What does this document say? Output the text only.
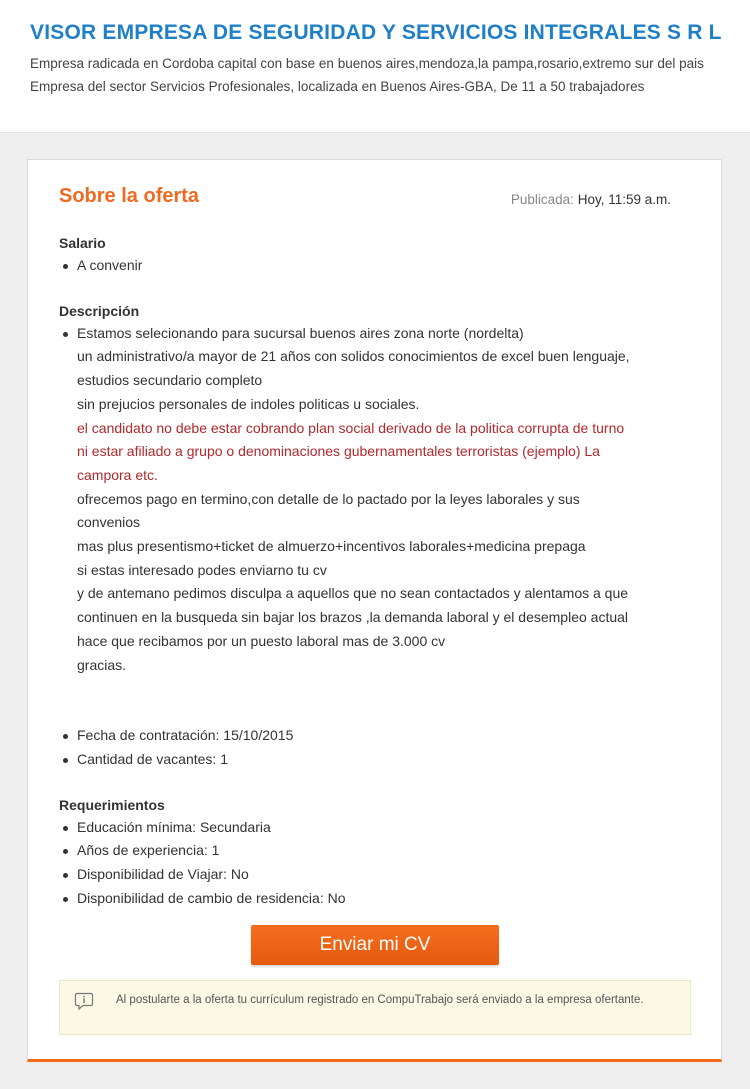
VISOR EMPRESA DE SEGURIDAD Y SERVICIOS INTEGRALES S R L

Empresa radicada en Cordoba capital con base en buenos aires,mendoza,la pampa,rosario,extremo sur del pais Empresa del sector Servicios Profesionales, localizada en Buenos Aires-GBA, De 11 a 50 trabajadores

Sobre la oferta	Publicada: Hoy, 11:59 a.m.
Salario
A convenir
Descripción
Estamos selecionando para sucursal buenos aires zona norte (nordelta)
un administrativo/a mayor de 21 años con solidos conocimientos de excel buen lenguaje,
estudios secundario completo
sin prejucios personales de indoles politicas u sociales.
el candidato no debe estar cobrando plan social derivado de la politica corrupta de turno
ni estar afiliado a grupo o denominaciones gubernamentales terroristas (ejemplo) La
campora etc.
ofrecemos pago en termino,con detalle de lo pactado por la leyes laborales y sus
convenios
mas plus presentismo+ticket de almuerzo+incentivos laborales+medicina prepaga
si estas interesado podes enviarno tu cv
y de antemano pedimos disculpa a aquellos que no sean contactados y alentamos a que
continuen en la busqueda sin bajar los brazos ,la demanda laboral y el desempleo actual
hace que recibamos por un puesto laboral mas de 3.000 cv
gracias.
Fecha de contratación: 15/10/2015
Cantidad de vacantes: 1
Requerimientos
Educación mínima: Secundaria
Años de experiencia: 1
Disponibilidad de Viajar: No
Disponibilidad de cambio de residencia: No
Enviar mi CV

Al postularte a la oferta tu currículum registrado en CompuTrabajo será enviado a la empresa ofertante.
